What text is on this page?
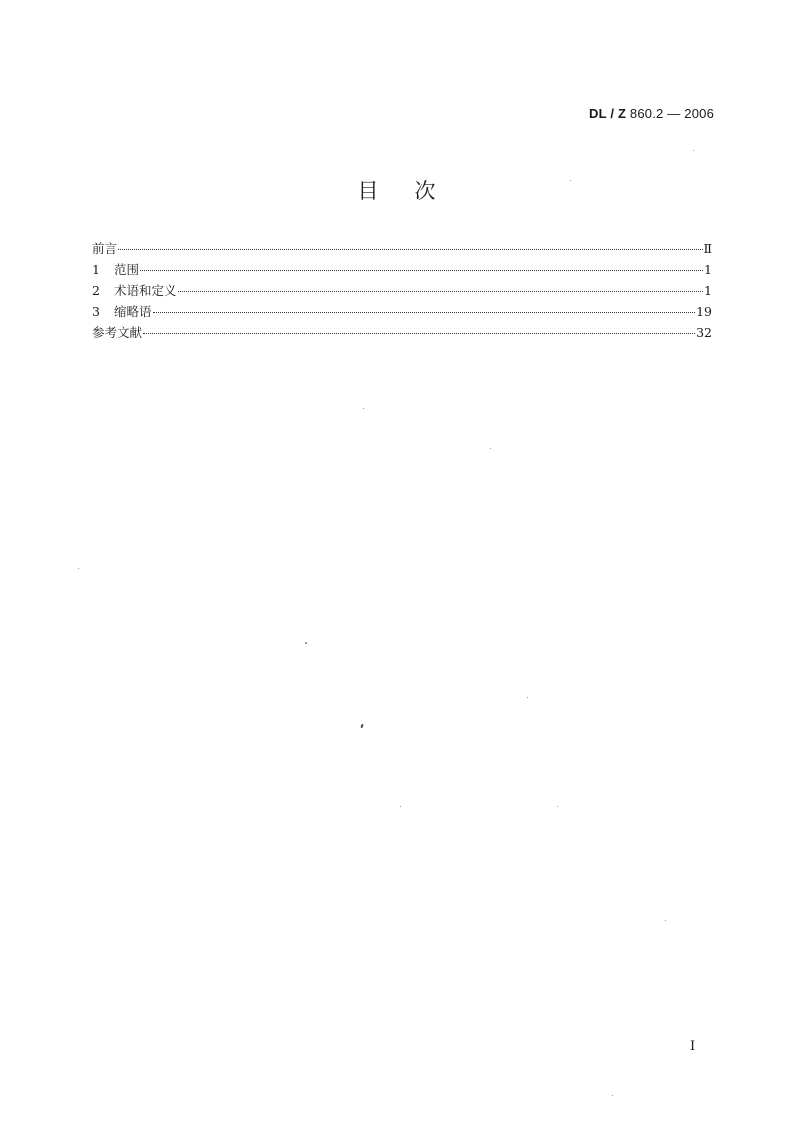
DL / Z 860.2 — 2006
目次
前言	Ⅱ
1	范围	1
2	术语和定义	1
3	缩略语	19
参考文献	32
I
